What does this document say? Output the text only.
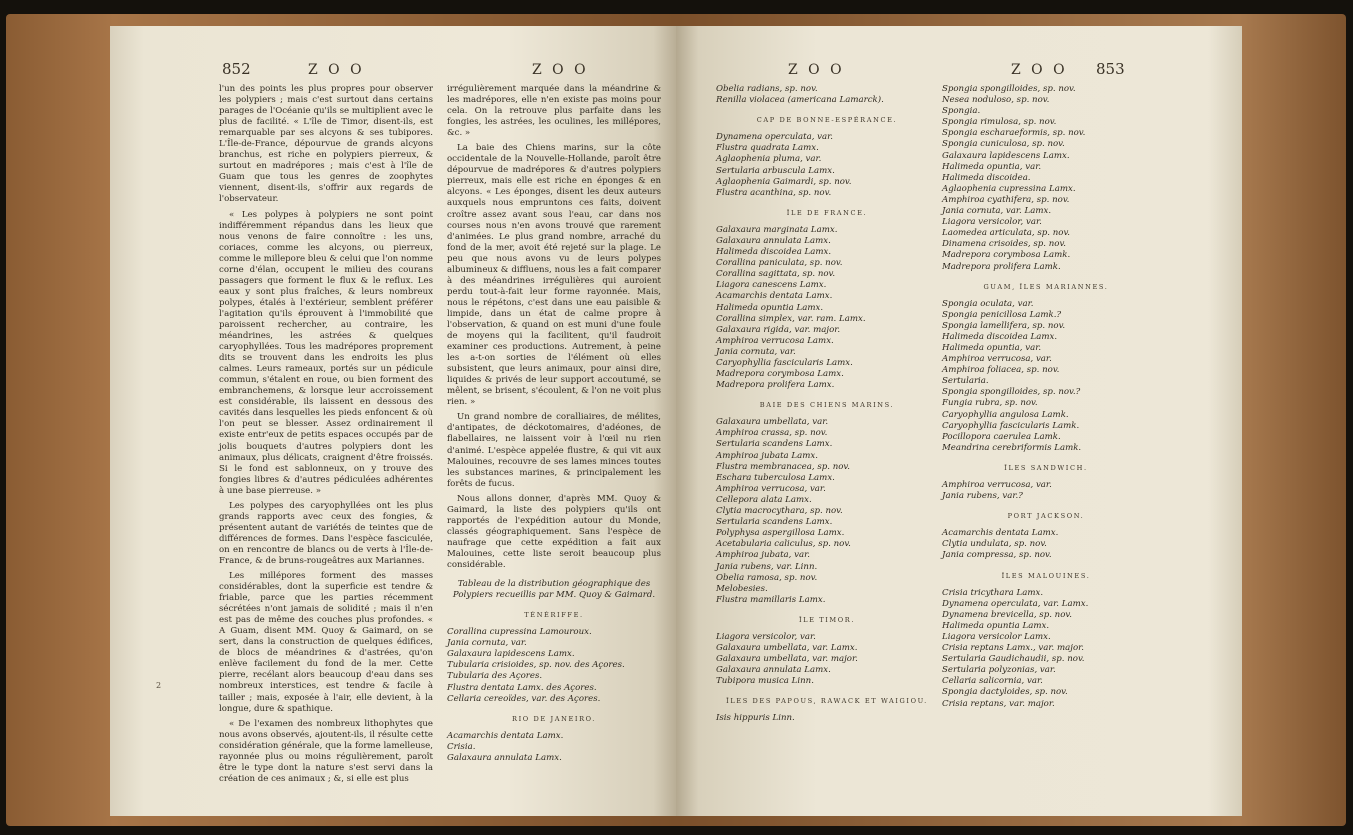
852	Z O O	Z O O
2

l'un des points les plus propres pour observer les polypiers ; mais c'est surtout dans certains parages de l'Océanie qu'ils se multiplient avec le plus de facilité. « L'île de Timor, disent-ils, est remarquable par ses alcyons & ses tubipores. L'Île-de-France, dépourvue de grands alcyons branchus, est riche en polypiers pierreux, & surtout en madrépores ; mais c'est à l'île de Guam que tous les genres de zoophytes viennent, disent-ils, s'offrir aux regards de l'observateur.

« Les polypes à polypiers ne sont point indifféremment répandus dans les lieux que nous venons de faire connoître : les uns, coriaces, comme les alcyons, ou pierreux, comme le millepore bleu & celui que l'on nomme corne d'élan, occupent le milieu des courans passagers que forment le flux & le reflux. Les eaux y sont plus fraîches, & leurs nombreux polypes, étalés à l'extérieur, semblent préférer l'agitation qu'ils éprouvent à l'immobilité que paroissent rechercher, au contraire, les méandrines, les astrées & quelques caryophyllées. Tous les madrépores proprement dits se trouvent dans les endroits les plus calmes. Leurs rameaux, portés sur un pédicule commun, s'étalent en roue, ou bien forment des embranchemens, & lorsque leur accroissement est considérable, ils laissent en dessous des cavités dans lesquelles les pieds enfoncent & où l'on peut se blesser. Assez ordinairement il existe entr'eux de petits espaces occupés par de jolis bouquets d'autres polypiers dont les animaux, plus délicats, craignent d'être froissés. Si le fond est sablonneux, on y trouve des fongies libres & d'autres pédiculées adhérentes à une base pierreuse. »

Les polypes des caryophyllées ont les plus grands rapports avec ceux des fongies, & présentent autant de variétés de teintes que de différences de formes. Dans l'espèce fasciculée, on en rencontre de blancs ou de verts à l'Île-de-France, & de bruns-rougeâtres aux Mariannes.

Les millépores forment des masses considérables, dont la superficie est tendre & friable, parce que les parties récemment sécrétées n'ont jamais de solidité ; mais il n'en est pas de même des couches plus profondes. « A Guam, disent MM. Quoy & Gaimard, on se sert, dans la construction de quelques édifices, de blocs de méandrines & d'astrées, qu'on enlève facilement du fond de la mer. Cette pierre, recélant alors beaucoup d'eau dans ses nombreux interstices, est tendre & facile à tailler ; mais, exposée à l'air, elle devient, à la longue, dure & spathique.

« De l'examen des nombreux lithophytes que nous avons observés, ajoutent-ils, il résulte cette considération générale, que la forme lamelleuse, rayonnée plus ou moins régulièrement, paroît être le type dont la nature s'est servi dans la création de ces animaux ; &, si elle est plus

irrégulièrement marquée dans la méandrine & les madrépores, elle n'en existe pas moins pour cela. On la retrouve plus parfaite dans les fongies, les astrées, les oculines, les millépores, &c. »

La baie des Chiens marins, sur la côte occidentale de la Nouvelle-Hollande, paroît être dépourvue de madrépores & d'autres polypiers pierreux, mais elle est riche en éponges & en alcyons. « Les éponges, disent les deux auteurs auxquels nous empruntons ces faits, doivent croître assez avant sous l'eau, car dans nos courses nous n'en avons trouvé que rarement d'animées. Le plus grand nombre, arraché du fond de la mer, avoit été rejeté sur la plage. Le peu que nous avons vu de leurs polypes albumineux & diffluens, nous les a fait comparer à des méandrines irrégulières qui auroient perdu tout-à-fait leur forme rayonnée. Mais, nous le répétons, c'est dans une eau paisible & limpide, dans un état de calme propre à l'observation, & quand on est muni d'une foule de moyens qui la facilitent, qu'il faudroit examiner ces productions. Autrement, à peine les a-t-on sorties de l'élément où elles subsistent, que leurs animaux, pour ainsi dire, liquides & privés de leur support accoutumé, se mêlent, se brisent, s'écoulent, & l'on ne voit plus rien. »

Un grand nombre de coralliaires, de mélites, d'antipates, de déckotomaires, d'adéones, de flabellaires, ne laissent voir à l'œil nu rien d'animé. L'espèce appelée flustre, & qui vit aux Malouines, recouvre de ses lames minces toutes les substances marines, & principalement les forêts de fucus.

Nous allons donner, d'après MM. Quoy & Gaimard, la liste des polypiers qu'ils ont rapportés de l'expédition autour du Monde, classés géographiquement. Sans l'espèce de naufrage que cette expédition a fait aux Malouines, cette liste seroit beaucoup plus considérable.

Tableau de la distribution géographique des Polypiers recueillis par MM. Quoy & Gaimard.
TÉNÉRIFFE.
Corallina cupressina Lamouroux.
Jania cornuta, var.
Galaxaura lapidescens Lamx.
Tubularia crisioides, sp. nov. des Açores.
Tubularia des Açores.
Flustra dentata Lamx. des Açores.
Cellaria cereoïdes, var. des Açores.
RIO DE JANEIRO.
Acamarchis dentata Lamx.
Crisia.
Galaxaura annulata Lamx.
Z O O	Z O O 853
Obelia radians, sp. nov.
Renilla violacea (americana Lamarck).
CAP DE BONNE-ESPÉRANCE.
Dynamena operculata, var.
Flustra quadrata Lamx.
Aglaophenia pluma, var.
Sertularia arbuscula Lamx.
Aglaophenia Gaimardi, sp. nov.
Flustra acanthina, sp. nov.
ÎLE DE FRANCE.
Galaxaura marginata Lamx.
Galaxaura annulata Lamx.
Halimeda discoidea Lamx.
Corallina paniculata, sp. nov.
Corallina sagittata, sp. nov.
Liagora canescens Lamx.
Acamarchis dentata Lamx.
Halimeda opuntia Lamx.
Corallina simplex, var. ram. Lamx.
Galaxaura rigida, var. major.
Amphiroa verrucosa Lamx.
Jania cornuta, var.
Caryophyllia fascicularis Lamx.
Madrepora corymbosa Lamx.
Madrepora prolifera Lamx.
BAIE DES CHIENS MARINS.
Galaxaura umbellata, var.
Amphiroa crassa, sp. nov.
Sertularia scandens Lamx.
Amphiroa jubata Lamx.
Flustra membranacea, sp. nov.
Eschara tuberculosa Lamx.
Amphiroa verrucosa, var.
Cellepora alata Lamx.
Clytia macrocythara, sp. nov.
Sertularia scandens Lamx.
Polyphysa aspergillosa Lamx.
Acetabularia caliculus, sp. nov.
Amphiroa jubata, var.
Jania rubens, var. Linn.
Obelia ramosa, sp. nov.
Melobesies.
Flustra mamillaris Lamx.
ÎLE TIMOR.
Liagora versicolor, var.
Galaxaura umbellata, var. Lamx.
Galaxaura umbellata, var. major.
Galaxaura annulata Lamx.
Tubipora musica Linn.
ÎLES DES PAPOUS, RAWACK ET WAIGIOU.
Isis hippuris Linn.
Spongia spongilloides, sp. nov.
Nesea noduloso, sp. nov.
Spongia.
Spongia rimulosa, sp. nov.
Spongia escharaeformis, sp. nov.
Spongia cuniculosa, sp. nov.
Galaxaura lapidescens Lamx.
Halimeda opuntia, var.
Halimeda discoidea.
Aglaophenia cupressina Lamx.
Amphiroa cyathifera, sp. nov.
Jania cornuta, var. Lamx.
Liagora versicolor, var.
Laomedea articulata, sp. nov.
Dinamena crisoides, sp. nov.
Madrepora corymbosa Lamk.
Madrepora prolifera Lamk.
GUAM, ÎLES MARIANNES.
Spongia oculata, var.
Spongia penicillosa Lamk.?
Spongia lamellifera, sp. nov.
Halimeda discoidea Lamx.
Halimeda opuntia, var.
Amphiroa verrucosa, var.
Amphiroa foliacea, sp. nov.
Sertularia.
Spongia spongilloides, sp. nov.?
Fungia rubra, sp. nov.
Caryophyllia angulosa Lamk.
Caryophyllia fascicularis Lamk.
Pocillopora caerulea Lamk.
Meandrina cerebriformis Lamk.
ÎLES SANDWICH.
Amphiroa verrucosa, var.
Jania rubens, var.?
PORT JACKSON.
Acamarchis dentata Lamx.
Clytia undulata, sp. nov.
Jania compressa, sp. nov.
ÎLES MALOUINES.
Crisia tricythara Lamx.
Dynamena operculata, var. Lamx.
Dynamena brevicella, sp. nov.
Halimeda opuntia Lamx.
Liagora versicolor Lamx.
Crisia reptans Lamx., var. major.
Sertularia Gaudichaudii, sp. nov.
Sertularia polyzonias, var.
Cellaria salicornia, var.
Spongia dactyloides, sp. nov.
Crisia reptans, var. major.
